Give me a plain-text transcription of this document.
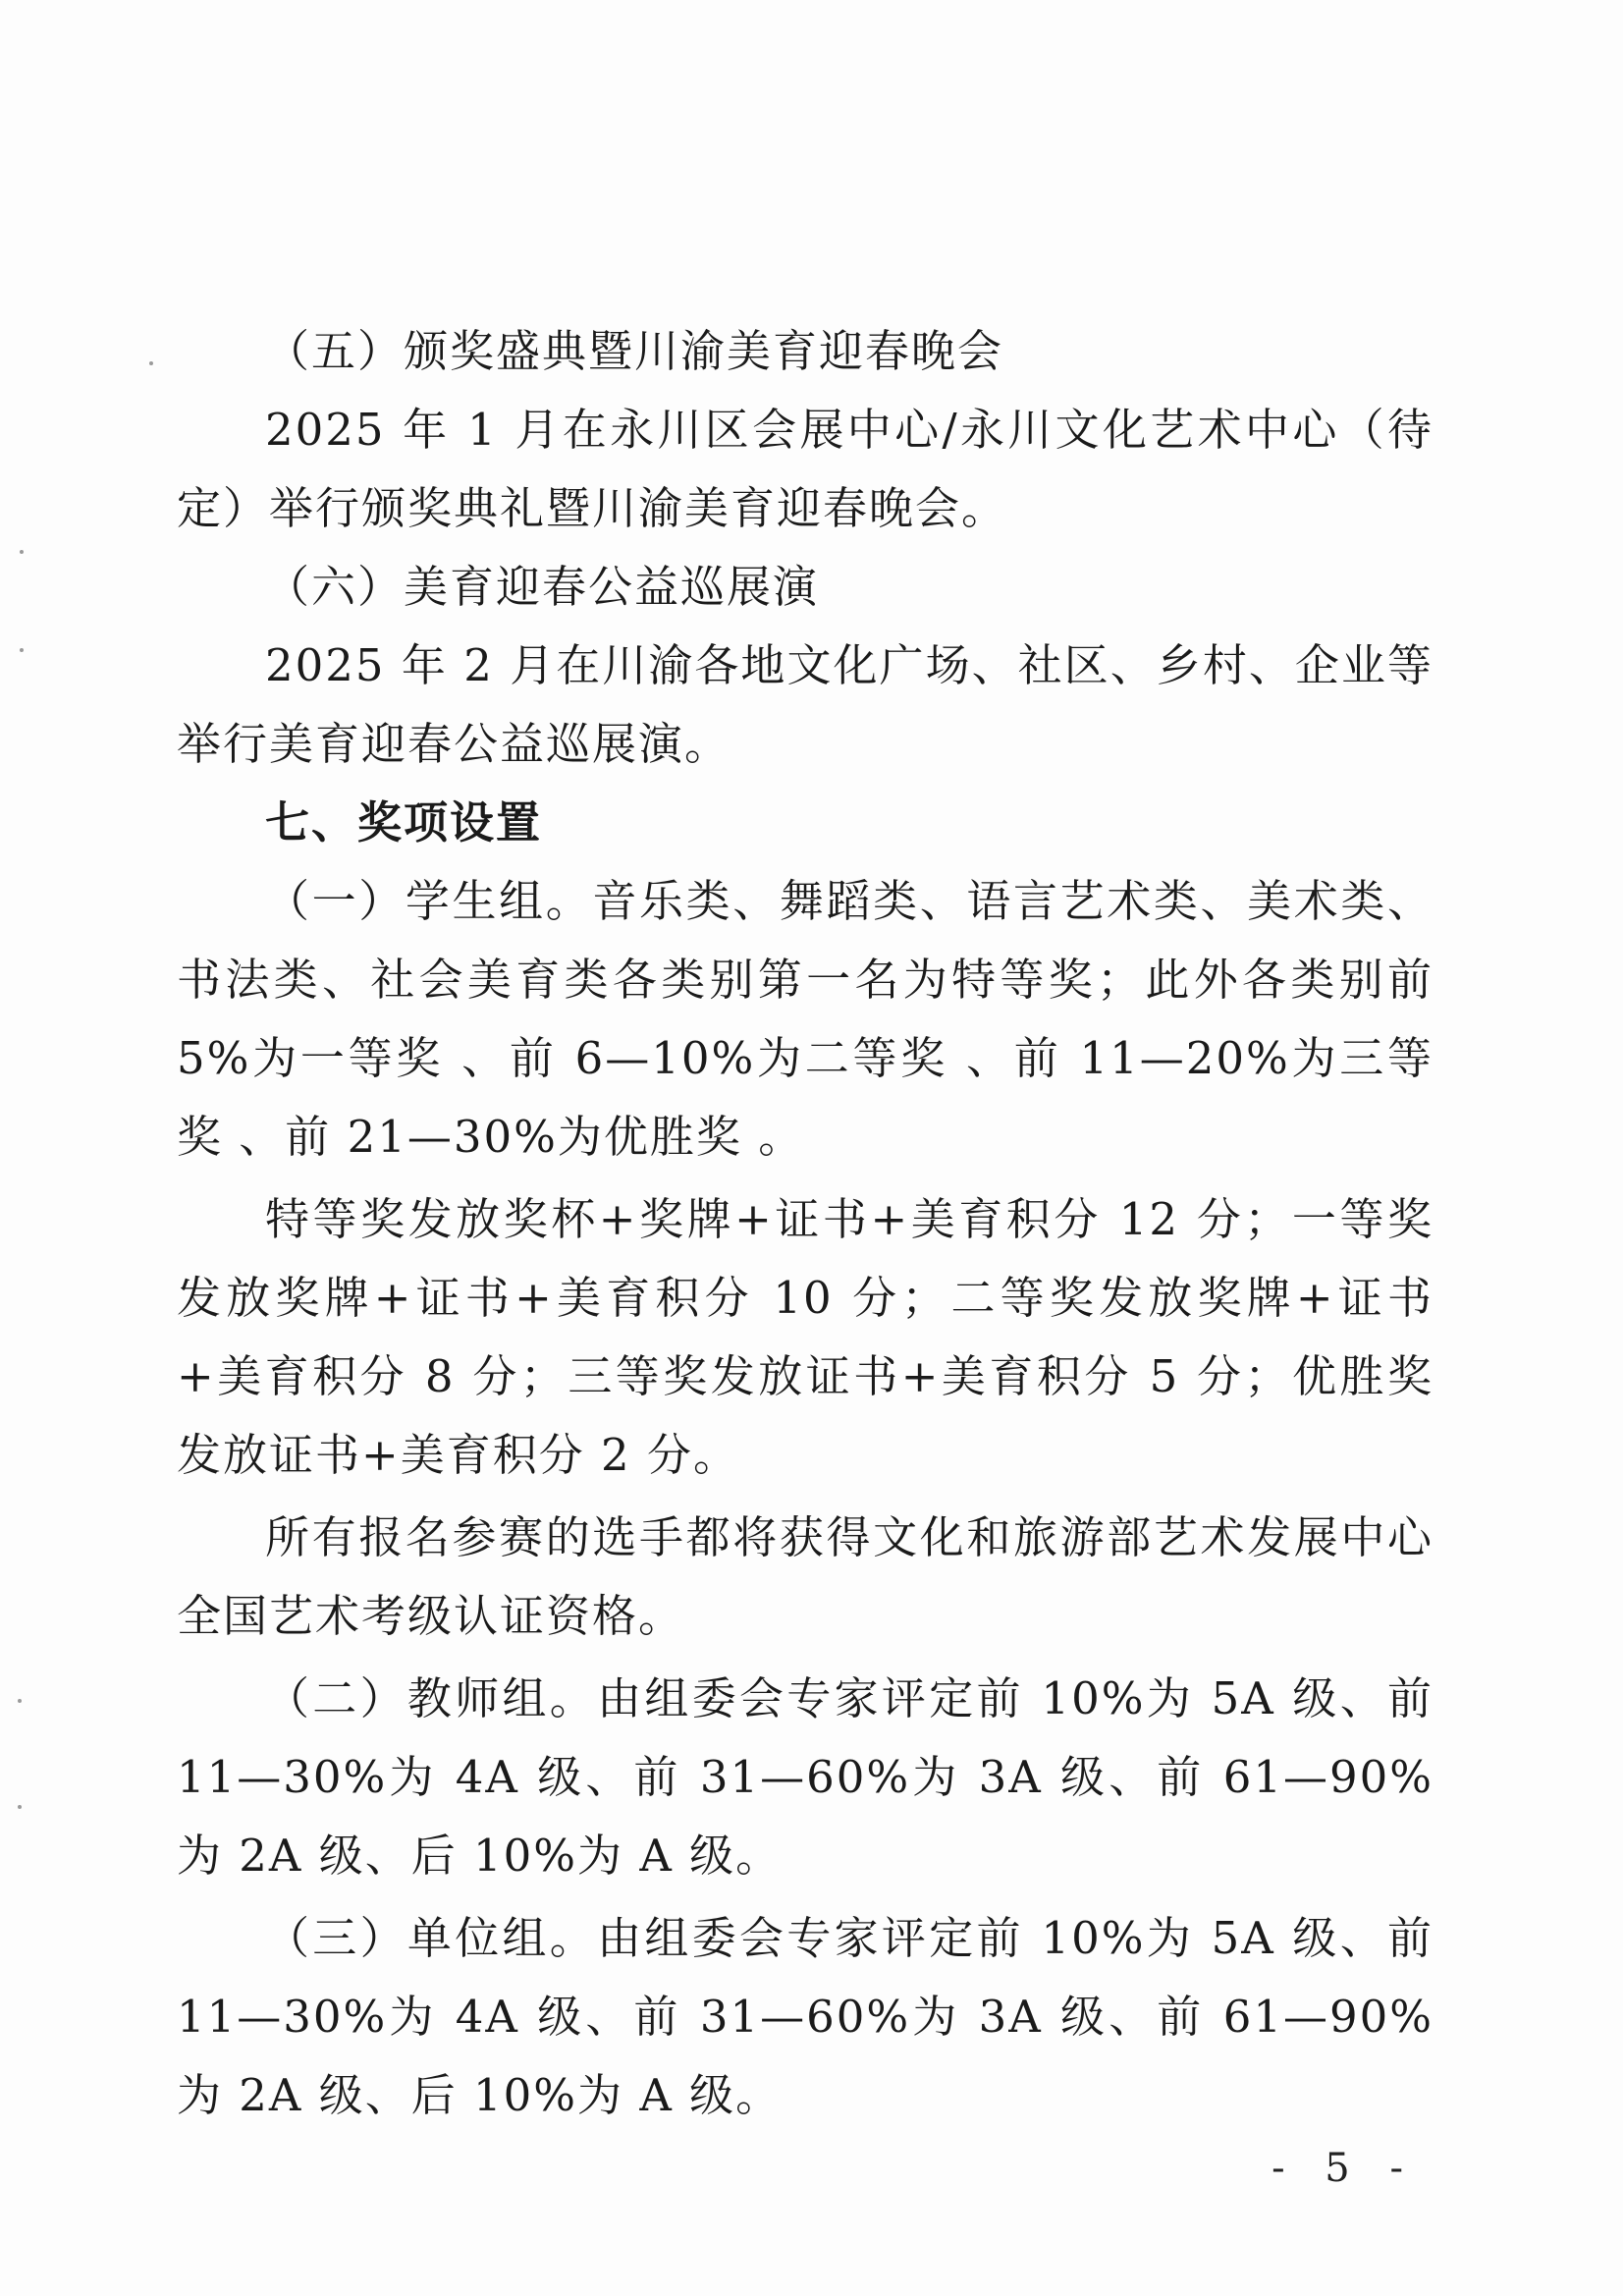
（五）颁奖盛典暨川渝美育迎春晚会

2025 年 1 月在永川区会展中心/永川文化艺术中心（待定）举行颁奖典礼暨川渝美育迎春晚会。

（六）美育迎春公益巡展演

2025 年 2 月在川渝各地文化广场、社区、乡村、企业等举行美育迎春公益巡展演。

七、奖项设置

（一）学生组。音乐类、舞蹈类、语言艺术类、美术类、书法类、社会美育类各类别第一名为特等奖；此外各类别前 5%为一等奖 、前 6—10%为二等奖 、前 11—20%为三等奖 、前 21—30%为优胜奖 。

特等奖发放奖杯+奖牌+证书+美育积分 12 分；一等奖发放奖牌+证书+美育积分 10 分；二等奖发放奖牌+证书+美育积分 8 分；三等奖发放证书+美育积分 5 分；优胜奖发放证书+美育积分 2 分。

所有报名参赛的选手都将获得文化和旅游部艺术发展中心全国艺术考级认证资格。

（二）教师组。由组委会专家评定前 10%为 5A 级、前 11—30%为 4A 级、前 31—60%为 3A 级、前 61—90%为 2A 级、后 10%为 A 级。

（三）单位组。由组委会专家评定前 10%为 5A 级、前 11—30%为 4A 级、前 31—60%为 3A 级、前 61—90%为 2A 级、后 10%为 A 级。

- 5 -
